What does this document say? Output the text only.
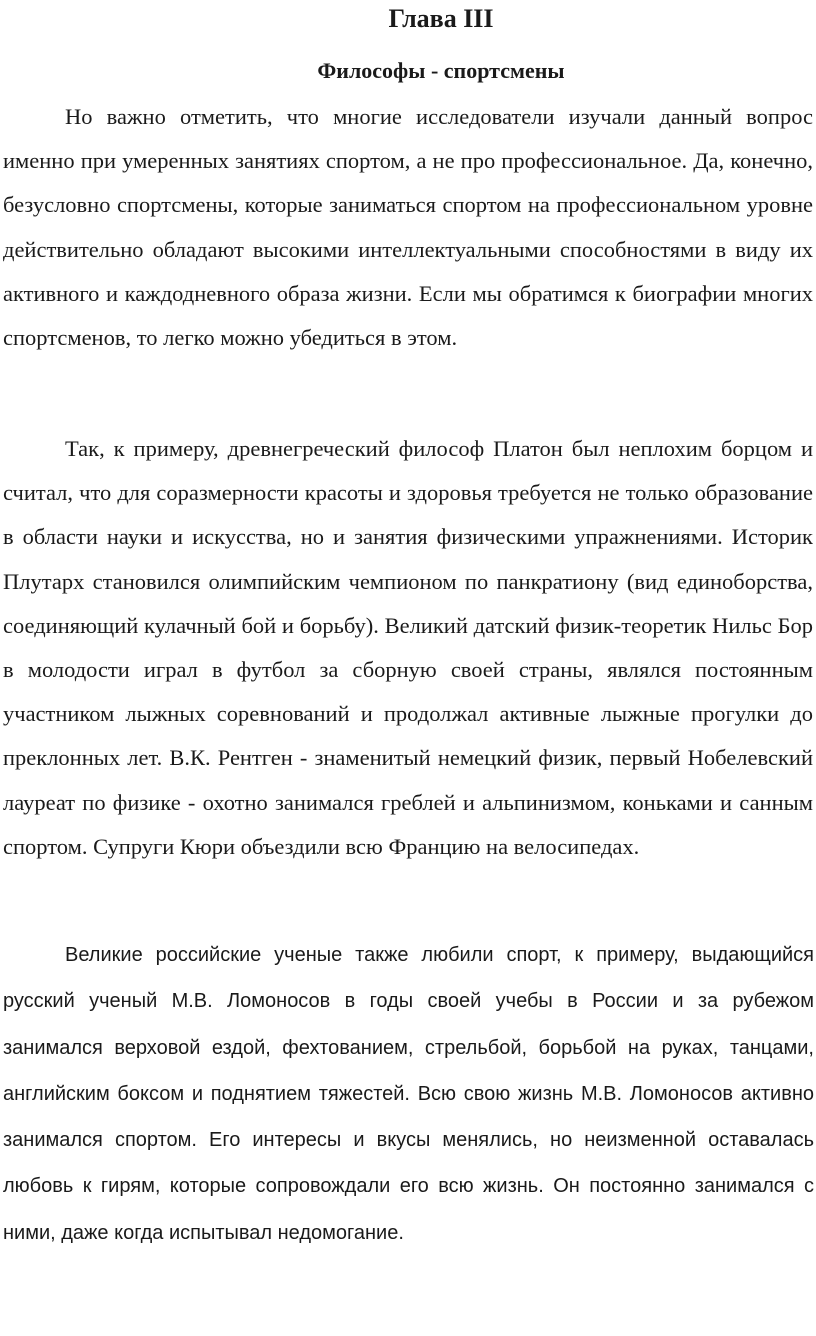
Глава III
Философы - спортсмены

Но важно отметить, что многие исследователи изучали данный вопрос именно при умеренных занятиях спортом, а не про профессиональное. Да, конечно, безусловно спортсмены, которые заниматься спортом на профессиональном уровне действительно обладают высокими интеллектуальными способностями в виду их активного и каждодневного образа жизни. Если мы обратимся к биографии многих спортсменов, то легко можно убедиться в этом.

Так, к примеру, древнегреческий философ Платон был неплохим борцом и считал, что для соразмерности красоты и здоровья требуется не только образование в области науки и искусства, но и занятия физическими упражнениями. Историк Плутарх становился олимпийским чемпионом по панкратиону (вид единоборства, соединяющий кулачный бой и борьбу). Великий датский физик-теоретик Нильс Бор в молодости играл в футбол за сборную своей страны, являлся постоянным участником лыжных соревнований и продолжал активные лыжные прогулки до преклонных лет. В.К. Рентген - знаменитый немецкий физик, первый Нобелевский лауреат по физике - охотно занимался греблей и альпинизмом, коньками и санным спортом. Супруги Кюри объездили всю Францию на велосипедах.

Великие российские ученые также любили спорт, к примеру, выдающийся русский ученый М.В. Ломоносов в годы своей учебы в России и за рубежом занимался верховой ездой, фехтованием, стрельбой, борьбой на руках, танцами, английским боксом и поднятием тяжестей. Всю свою жизнь М.В. Ломоносов активно занимался спортом. Его интересы и вкусы менялись, но неизменной оставалась любовь к гирям, которые сопровождали его всю жизнь. Он постоянно занимался с ними, даже когда испытывал недомогание.
